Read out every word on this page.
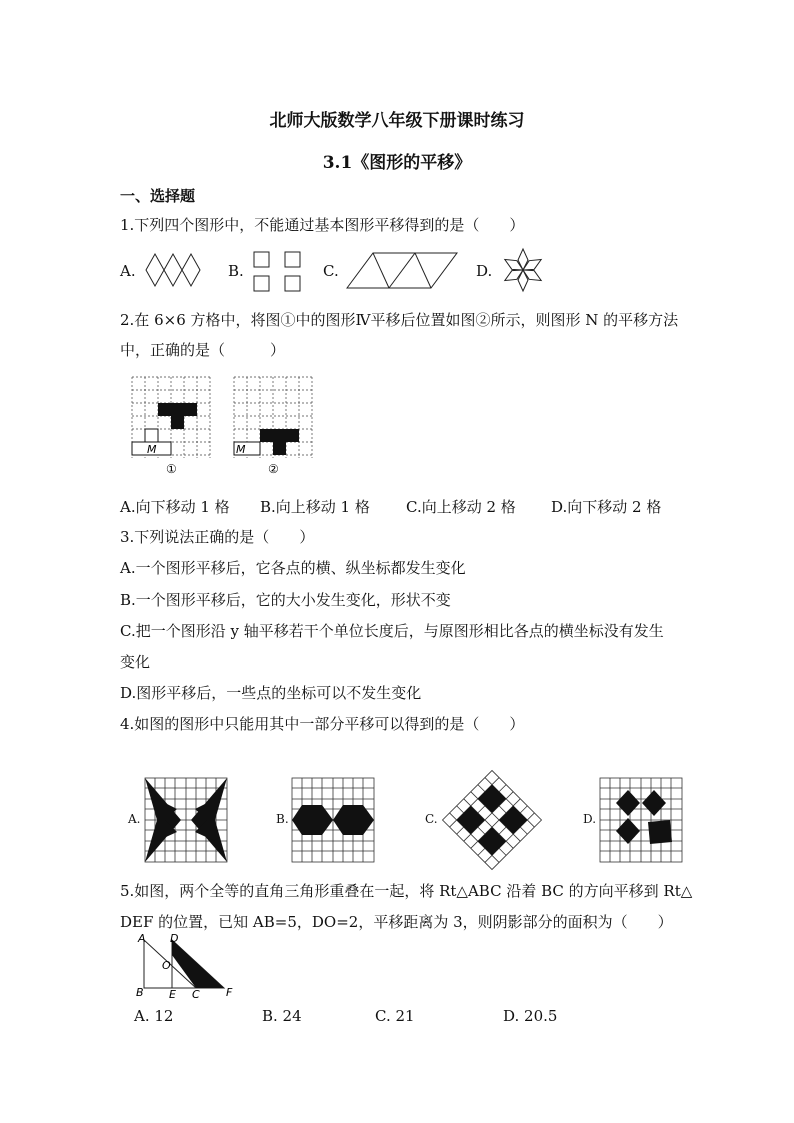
北师大版数学八年级下册课时练习
3.1《图形的平移》
一、选择题
1.下列四个图形中，不能通过基本图形平移得到的是（　　）
A.	B.	C.	D.
2.在 6×6 方格中，将图①中的图形Ⅳ平移后位置如图②所示，则图形 N 的平移方法
中，正确的是（　　　）
M
①
M
②
A.向下移动 1 格 B.向上移动 1 格 C.向上移动 2 格 D.向下移动 2 格
3.下列说法正确的是（　　）
A.一个图形平移后，它各点的横、纵坐标都发生变化
B.一个图形平移后，它的大小发生变化，形状不变
C.把一个图形沿 y 轴平移若干个单位长度后，与原图形相比各点的横坐标没有发生
变化
D.图形平移后，一些点的坐标可以不发生变化
4.如图的图形中只能用其中一部分平移可以得到的是（　　）
A.	B.	C.	D.
5.如图，两个全等的直角三角形重叠在一起，将 Rt△ABC 沿着 BC 的方向平移到 Rt△
DEF 的位置，已知 AB=5，DO=2，平移距离为 3，则阴影部分的面积为（　　）
A D
O
B E C F
A. 12	B. 24	C. 21	D. 20.5
